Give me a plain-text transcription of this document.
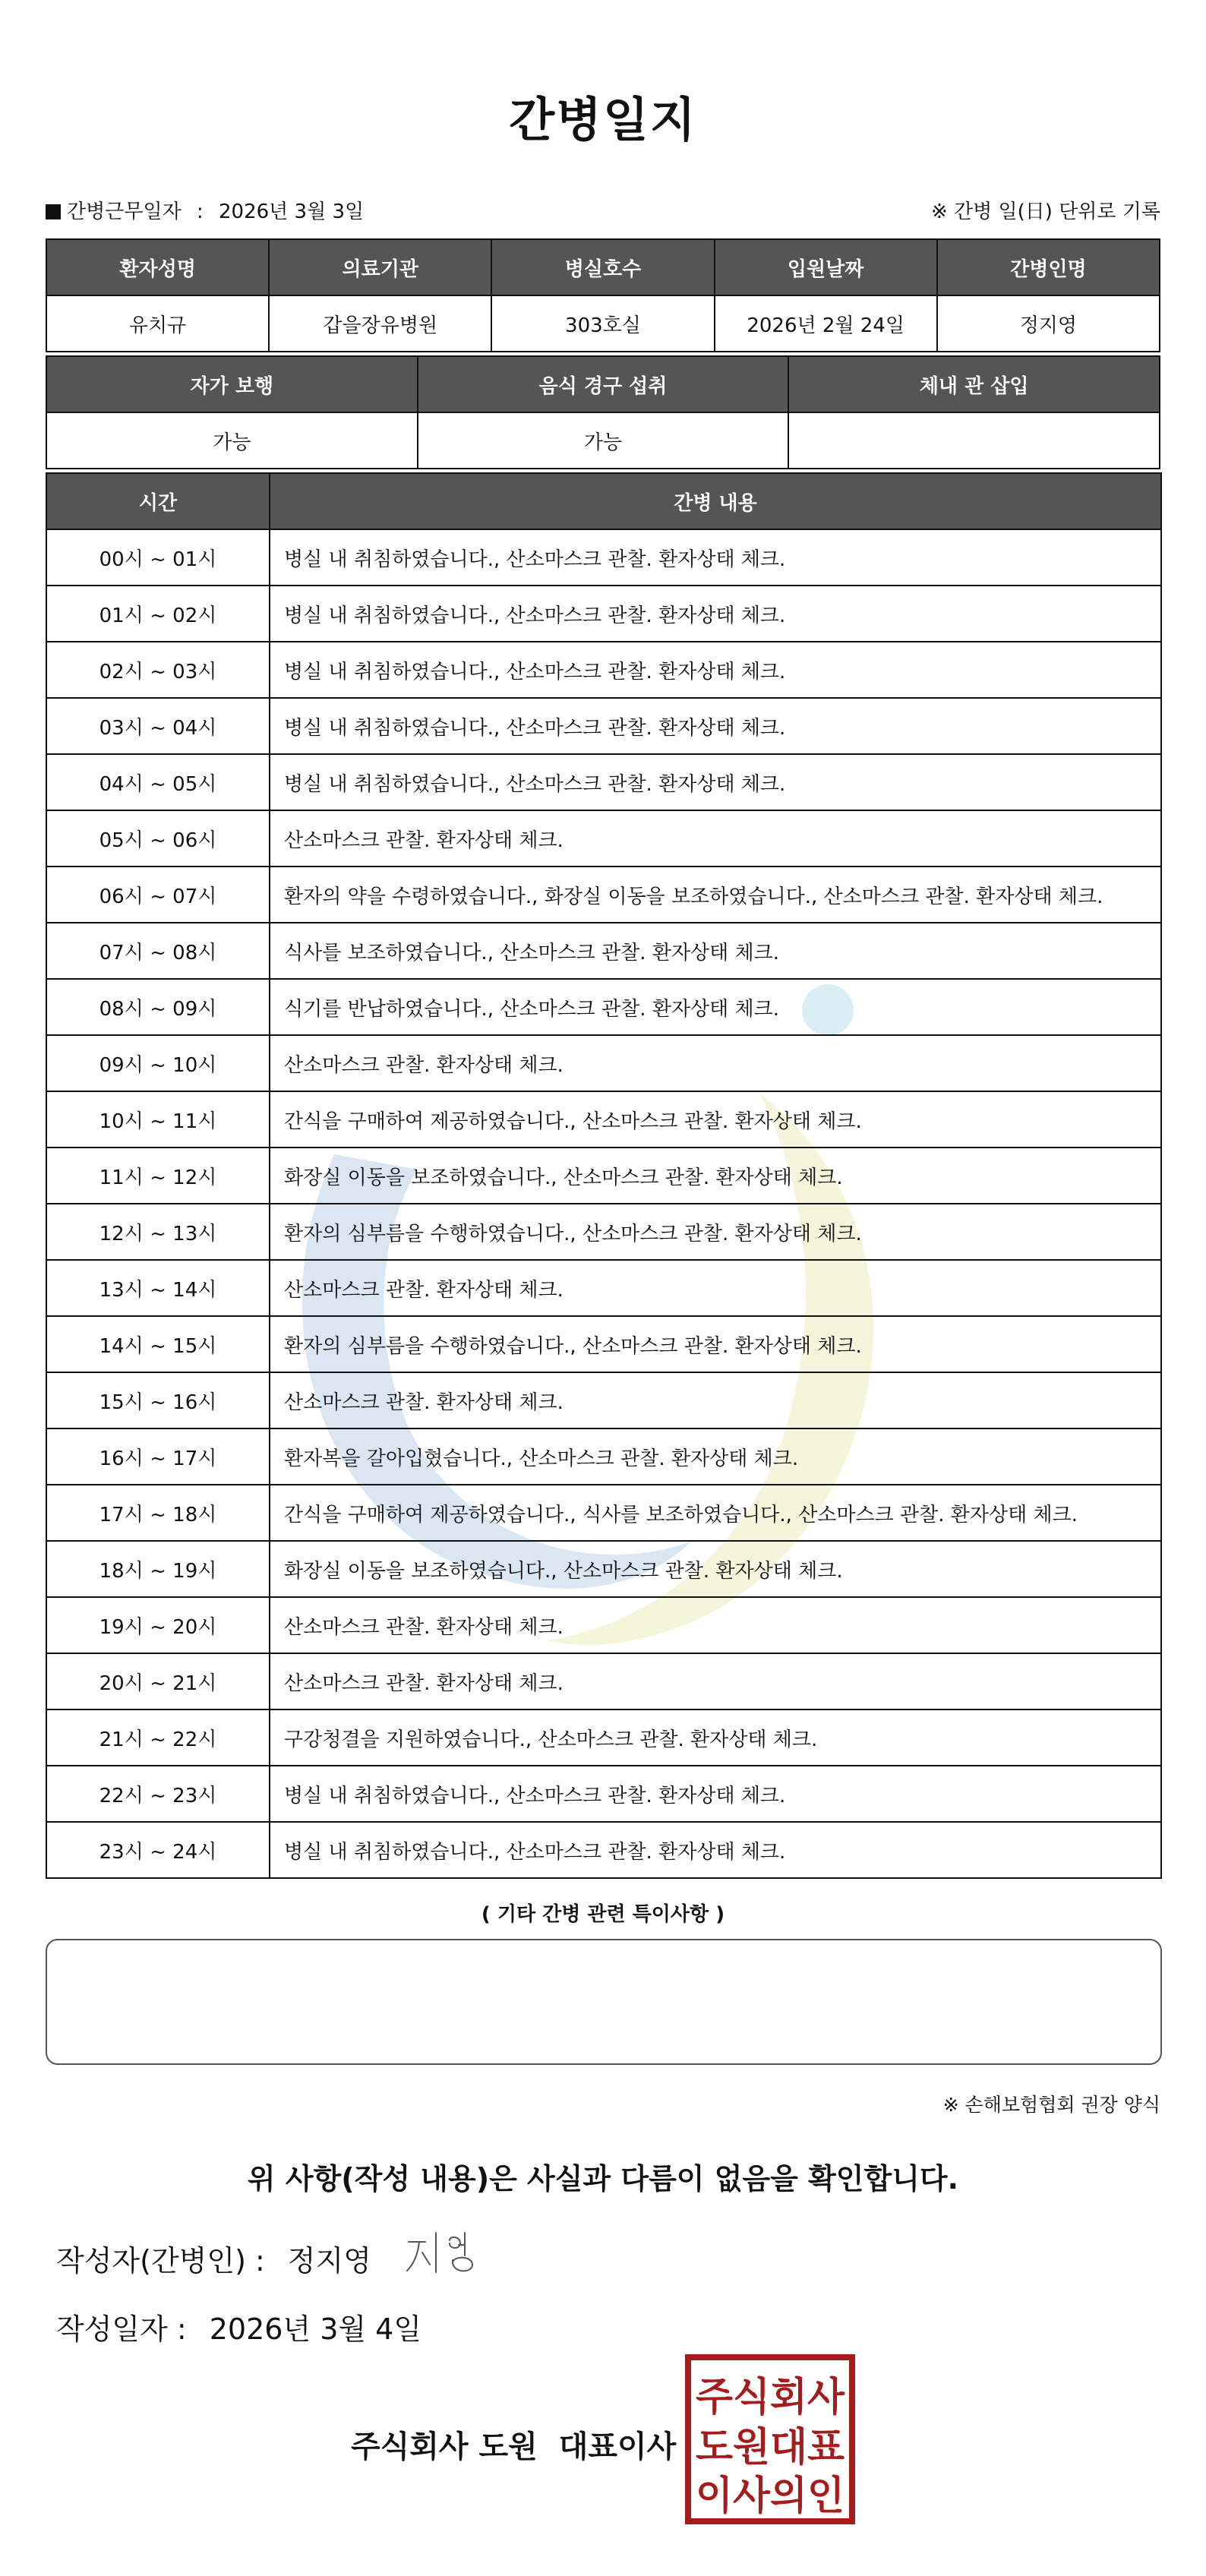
간병일지
간병근무일자 : 2026년 3월 3일	※ 간병 일(日) 단위로 기록
환자성명	의료기관	병실호수	입원날짜	간병인명
유치규	갑을장유병원	303호실	2026년 2월 24일	정지영
자가 보행	음식 경구 섭취	체내 관 삽입
가능	가능	
시간	간병 내용
00시 ~ 01시	병실 내 취침하였습니다., 산소마스크 관찰. 환자상태 체크.
01시 ~ 02시	병실 내 취침하였습니다., 산소마스크 관찰. 환자상태 체크.
02시 ~ 03시	병실 내 취침하였습니다., 산소마스크 관찰. 환자상태 체크.
03시 ~ 04시	병실 내 취침하였습니다., 산소마스크 관찰. 환자상태 체크.
04시 ~ 05시	병실 내 취침하였습니다., 산소마스크 관찰. 환자상태 체크.
05시 ~ 06시	산소마스크 관찰. 환자상태 체크.
06시 ~ 07시	환자의 약을 수령하였습니다., 화장실 이동을 보조하였습니다., 산소마스크 관찰. 환자상태 체크.
07시 ~ 08시	식사를 보조하였습니다., 산소마스크 관찰. 환자상태 체크.
08시 ~ 09시	식기를 반납하였습니다., 산소마스크 관찰. 환자상태 체크.
09시 ~ 10시	산소마스크 관찰. 환자상태 체크.
10시 ~ 11시	간식을 구매하여 제공하였습니다., 산소마스크 관찰. 환자상태 체크.
11시 ~ 12시	화장실 이동을 보조하였습니다., 산소마스크 관찰. 환자상태 체크.
12시 ~ 13시	환자의 심부름을 수행하였습니다., 산소마스크 관찰. 환자상태 체크.
13시 ~ 14시	산소마스크 관찰. 환자상태 체크.
14시 ~ 15시	환자의 심부름을 수행하였습니다., 산소마스크 관찰. 환자상태 체크.
15시 ~ 16시	산소마스크 관찰. 환자상태 체크.
16시 ~ 17시	환자복을 갈아입혔습니다., 산소마스크 관찰. 환자상태 체크.
17시 ~ 18시	간식을 구매하여 제공하였습니다., 식사를 보조하였습니다., 산소마스크 관찰. 환자상태 체크.
18시 ~ 19시	화장실 이동을 보조하였습니다., 산소마스크 관찰. 환자상태 체크.
19시 ~ 20시	산소마스크 관찰. 환자상태 체크.
20시 ~ 21시	산소마스크 관찰. 환자상태 체크.
21시 ~ 22시	구강청결을 지원하였습니다., 산소마스크 관찰. 환자상태 체크.
22시 ~ 23시	병실 내 취침하였습니다., 산소마스크 관찰. 환자상태 체크.
23시 ~ 24시	병실 내 취침하였습니다., 산소마스크 관찰. 환자상태 체크.
( 기타 간병 관련 특이사항 )
※ 손해보험협회 권장 양식
위 사항(작성 내용)은 사실과 다름이 없음을 확인합니다.
작성자(간병인) : 정지영
작성일자 : 2026년 3월 4일
주식회사 도원 대표이사
주식회사
도원대표
이사의인
